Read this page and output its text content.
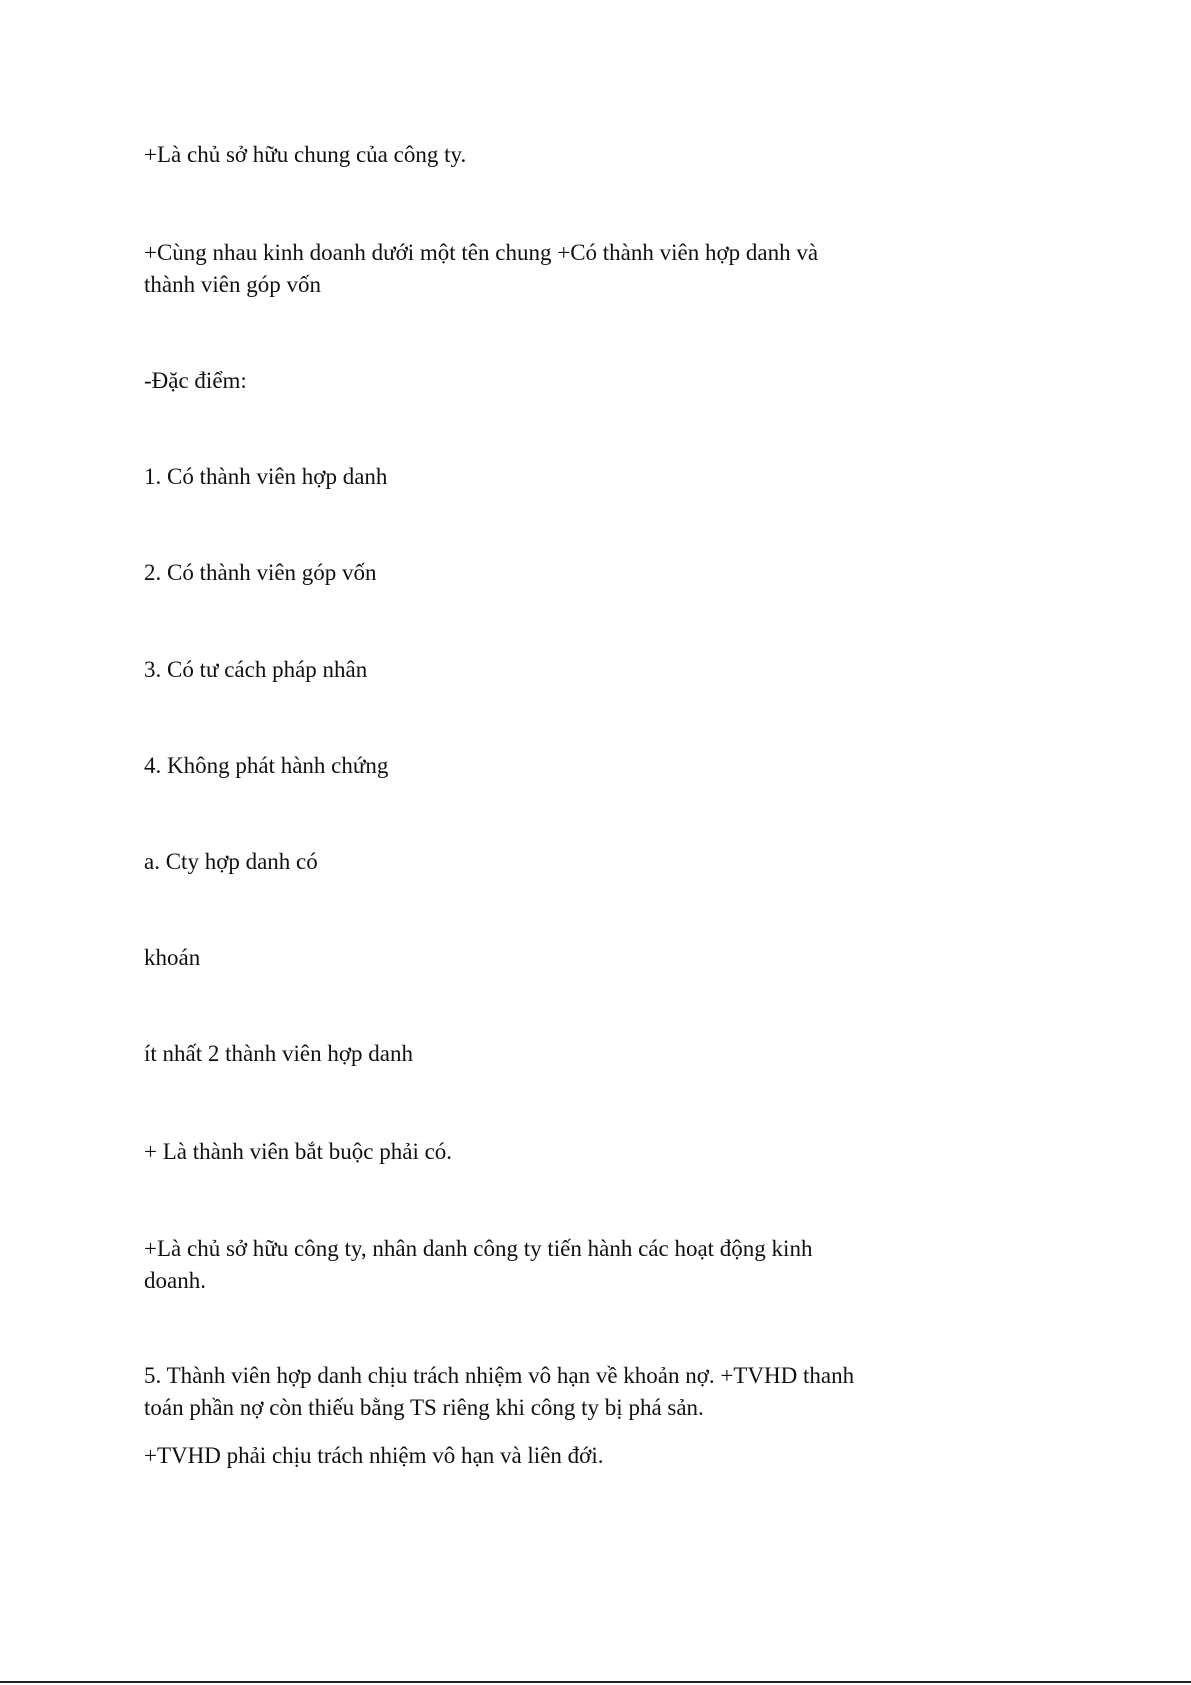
+Là chủ sở hữu chung của công ty.

+Cùng nhau kinh doanh dưới một tên chung +Có thành viên hợp danh và thành viên góp vốn

-Đặc điểm:

1. Có thành viên hợp danh

2. Có thành viên góp vốn

3. Có tư cách pháp nhân

4. Không phát hành chứng

a. Cty hợp danh có

khoán

ít nhất 2 thành viên hợp danh

+ Là thành viên bắt buộc phải có.

+Là chủ sở hữu công ty, nhân danh công ty tiến hành các hoạt động kinh doanh.

5. Thành viên hợp danh chịu trách nhiệm vô hạn về khoản nợ. +TVHD thanh toán phần nợ còn thiếu bằng TS riêng khi công ty bị phá sản.

+TVHD phải chịu trách nhiệm vô hạn và liên đới.
